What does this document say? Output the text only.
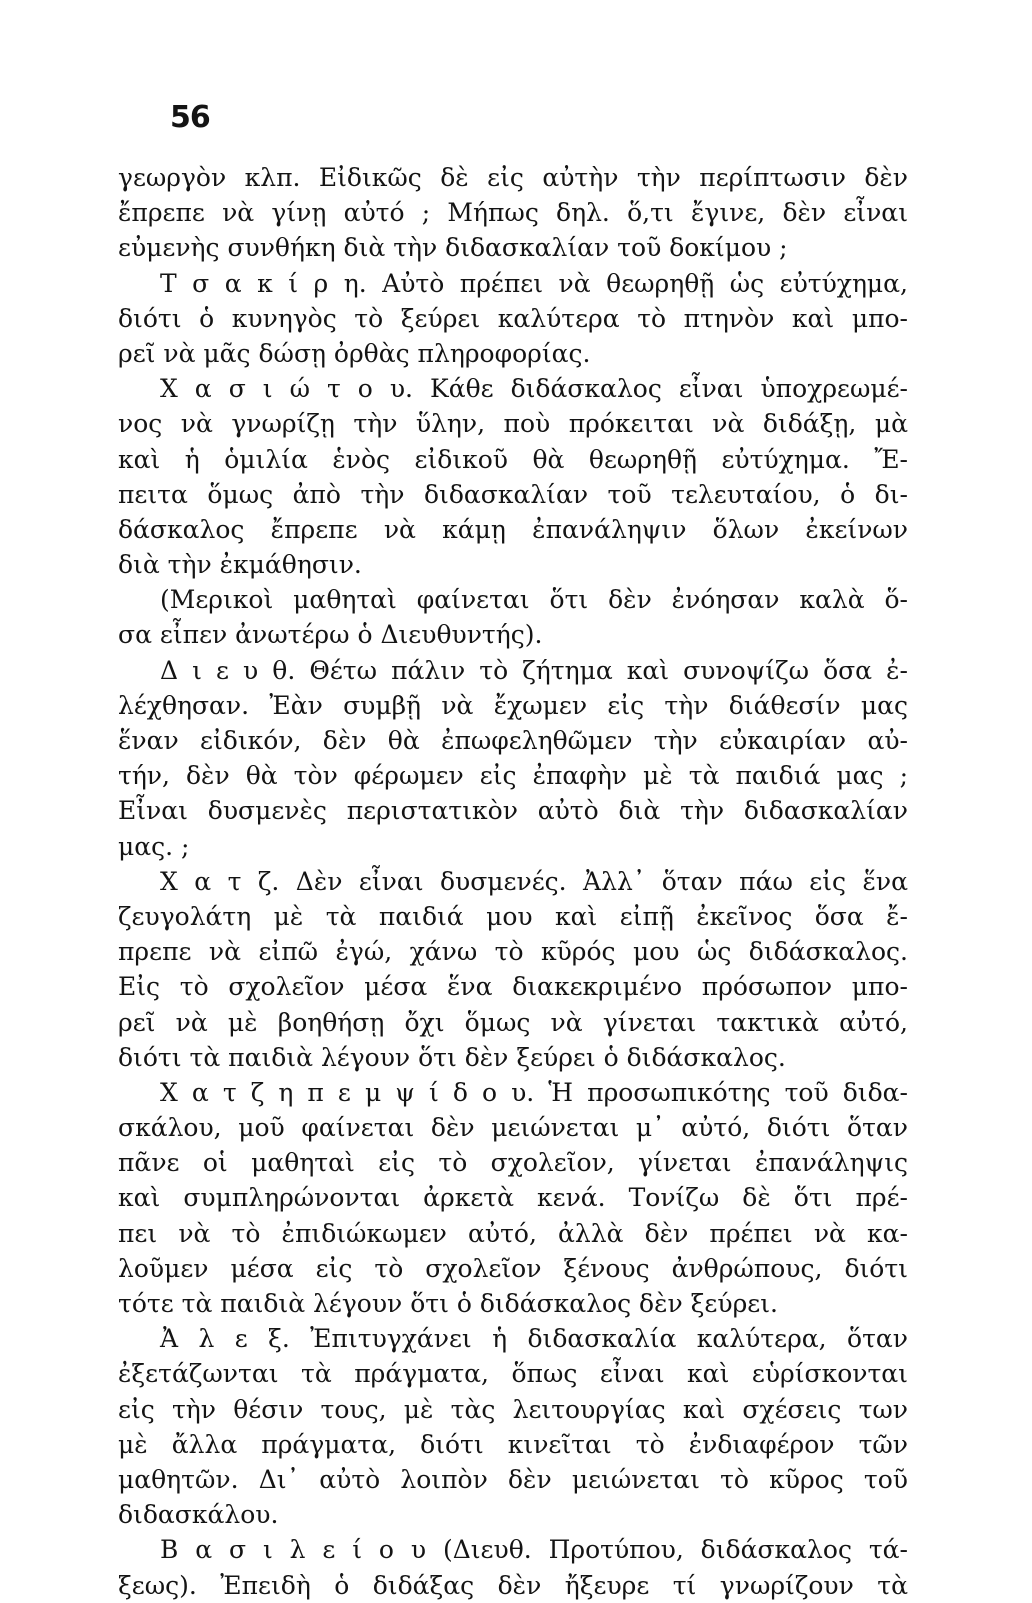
56
γεωργὸν κλπ. Εἰδικῶς δὲ εἰς αὐτὴν τὴν περίπτωσιν δὲν
ἔπρεπε νὰ γίνῃ αὐτό ; Μήπως δηλ. ὅ,τι ἔγινε, δὲν εἶναι
εὐμενὴς συνθήκη διὰ τὴν διδασκαλίαν τοῦ δοκίμου ;
Τ σ α κ ί ρ η. Αὐτὸ πρέπει νὰ θεωρηθῇ ὡς εὐτύχημα,
διότι ὁ κυνηγὸς τὸ ξεύρει καλύτερα τὸ πτηνὸν καὶ μπο-
ρεῖ νὰ μᾶς δώσῃ ὀρθὰς πληροφορίας.
Χ α σ ι ώ τ ο υ. Κάθε διδάσκαλος εἶναι ὑποχρεωμέ-
νος νὰ γνωρίζῃ τὴν ὕλην, ποὺ πρόκειται νὰ διδάξῃ, μὰ
καὶ ἡ ὁμιλία ἑνὸς εἰδικοῦ θὰ θεωρηθῇ εὐτύχημα. Ἔ-
πειτα ὅμως ἀπὸ τὴν διδασκαλίαν τοῦ τελευταίου, ὁ δι-
δάσκαλος ἔπρεπε νὰ κάμῃ ἐπανάληψιν ὅλων ἐκείνων
διὰ τὴν ἐκμάθησιν.
(Μερικοὶ μαθηταὶ φαίνεται ὅτι δὲν ἐνόησαν καλὰ ὅ-
σα εἶπεν ἀνωτέρω ὁ Διευθυντής).
Δ ι ε υ θ. Θέτω πάλιν τὸ ζήτημα καὶ συνοψίζω ὅσα ἐ-
λέχθησαν. Ἐὰν συμβῇ νὰ ἔχωμεν εἰς τὴν διάθεσίν μας
ἕναν εἰδικόν, δὲν θὰ ἐπωφεληθῶμεν τὴν εὐκαιρίαν αὐ-
τήν, δὲν θὰ τὸν φέρωμεν εἰς ἐπαφὴν μὲ τὰ παιδιά μας ;
Εἶναι δυσμενὲς περιστατικὸν αὐτὸ διὰ τὴν διδασκαλίαν
μας. ;
Χ α τ ζ. Δὲν εἶναι δυσμενές. Ἀλλ᾽ ὅταν πάω εἰς ἕνα
ζευγολάτη μὲ τὰ παιδιά μου καὶ εἰπῇ ἐκεῖνος ὅσα ἔ-
πρεπε νὰ εἰπῶ ἐγώ, χάνω τὸ κῦρός μου ὡς διδάσκαλος.
Εἰς τὸ σχολεῖον μέσα ἕνα διακεκριμένο πρόσωπον μπο-
ρεῖ νὰ μὲ βοηθήσῃ ὄχι ὅμως νὰ γίνεται τακτικὰ αὐτό,
διότι τὰ παιδιὰ λέγουν ὅτι δὲν ξεύρει ὁ διδάσκαλος.
Χ α τ ζ η π ε μ ψ ί δ ο υ. Ἡ προσωπικότης τοῦ διδα-
σκάλου, μοῦ φαίνεται δὲν μειώνεται μ᾽ αὐτό, διότι ὅταν
πᾶνε οἱ μαθηταὶ εἰς τὸ σχολεῖον, γίνεται ἐπανάληψις
καὶ συμπληρώνονται ἀρκετὰ κενά. Τονίζω δὲ ὅτι πρέ-
πει νὰ τὸ ἐπιδιώκωμεν αὐτό, ἀλλὰ δὲν πρέπει νὰ κα-
λοῦμεν μέσα εἰς τὸ σχολεῖον ξένους ἀνθρώπους, διότι
τότε τὰ παιδιὰ λέγουν ὅτι ὁ διδάσκαλος δὲν ξεύρει.
Ἀ λ ε ξ. Ἐπιτυγχάνει ἡ διδασκαλία καλύτερα, ὅταν
ἐξετάζωνται τὰ πράγματα, ὅπως εἶναι καὶ εὑρίσκονται
εἰς τὴν θέσιν τους, μὲ τὰς λειτουργίας καὶ σχέσεις των
μὲ ἄλλα πράγματα, διότι κινεῖται τὸ ἐνδιαφέρον τῶν
μαθητῶν. Δι᾽ αὐτὸ λοιπὸν δὲν μειώνεται τὸ κῦρος τοῦ
διδασκάλου.
Β α σ ι λ ε ί ο υ (Διευθ. Προτύπου, διδάσκαλος τά-
ξεως). Ἐπειδὴ ὁ διδάξας δὲν ἤξευρε τί γνωρίζουν τὰ
